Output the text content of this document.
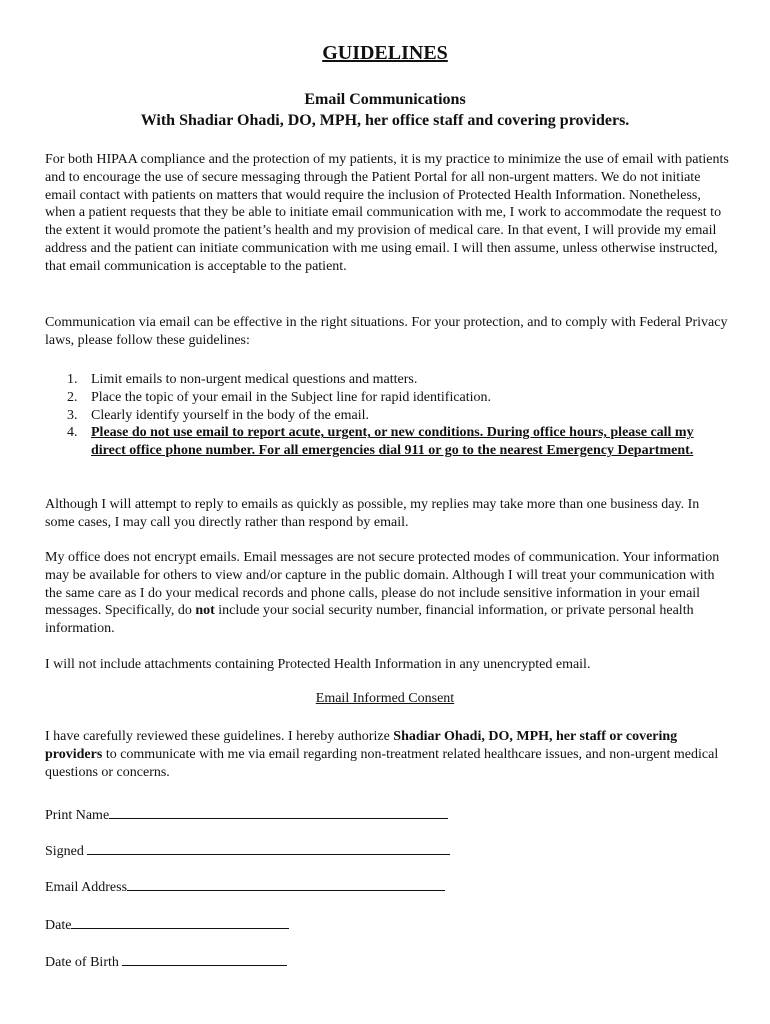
GUIDELINES
Email Communications
With Shadiar Ohadi, DO, MPH, her office staff and covering providers.

For both HIPAA compliance and the protection of my patients, it is my practice to minimize the use of email with patients and to encourage the use of secure messaging through the Patient Portal for all non-urgent matters. We do not initiate email contact with patients on matters that would require the inclusion of Protected Health Information. Nonetheless, when a patient requests that they be able to initiate email communication with me, I work to accommodate the request to the extent it would promote the patient’s health and my provision of medical care. In that event, I will provide my email address and the patient can initiate communication with me using email. I will then assume, unless otherwise instructed, that email communication is acceptable to the patient.

Communication via email can be effective in the right situations. For your protection, and to comply with Federal Privacy laws, please follow these guidelines:

1. Limit emails to non-urgent medical questions and matters.
2. Place the topic of your email in the Subject line for rapid identification.
3. Clearly identify yourself in the body of the email.
4. Please do not use email to report acute, urgent, or new conditions. During office hours, please call my direct office phone number. For all emergencies dial 911 or go to the nearest Emergency Department.

Although I will attempt to reply to emails as quickly as possible, my replies may take more than one business day. In some cases, I may call you directly rather than respond by email.

My office does not encrypt emails. Email messages are not secure protected modes of communication. Your information may be available for others to view and/or capture in the public domain. Although I will treat your communication with the same care as I do your medical records and phone calls, please do not include sensitive information in your email messages. Specifically, do not include your social security number, financial information, or private personal health information.

I will not include attachments containing Protected Health Information in any unencrypted email.

Email Informed Consent

I have carefully reviewed these guidelines. I hereby authorize Shadiar Ohadi, DO, MPH, her staff or covering providers to communicate with me via email regarding non-treatment related healthcare issues, and non-urgent medical questions or concerns.

Print Name
Signed
Email Address
Date
Date of Birth
